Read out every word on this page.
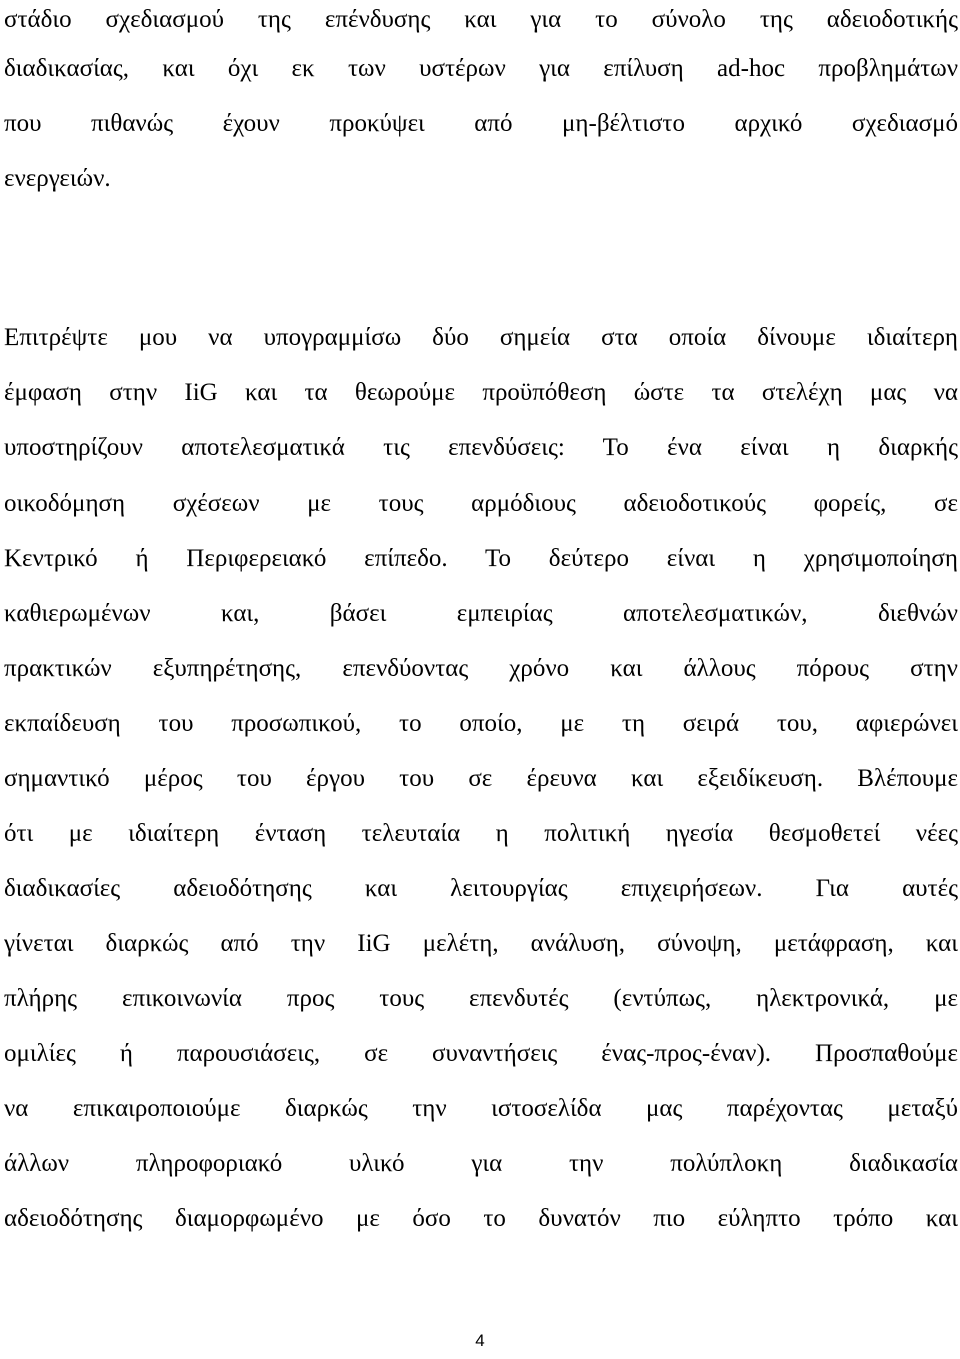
στάδιο σχεδιασμού της επένδυσης και για το σύνολο της αδειοδοτικής
διαδικασίας, και όχι εκ των υστέρων για επίλυση ad-hoc προβλημάτων
που πιθανώς έχουν προκύψει από μη-βέλτιστο αρχικό σχεδιασμό
ενεργειών.
Επιτρέψτε μου να υπογραμμίσω δύο σημεία στα οποία δίνουμε ιδιαίτερη
έμφαση στην IiG και τα θεωρούμε προϋπόθεση ώστε τα στελέχη μας να
υποστηρίζουν αποτελεσματικά τις επενδύσεις: Το ένα είναι η διαρκής
οικοδόμηση σχέσεων με τους αρμόδιους αδειοδοτικούς φορείς, σε
Κεντρικό ή Περιφερειακό επίπεδο. Το δεύτερο είναι η χρησιμοποίηση
καθιερωμένων και, βάσει εμπειρίας αποτελεσματικών, διεθνών
πρακτικών εξυπηρέτησης, επενδύοντας χρόνο και άλλους πόρους στην
εκπαίδευση του προσωπικού, το οποίο, με τη σειρά του, αφιερώνει
σημαντικό μέρος του έργου του σε έρευνα και εξειδίκευση. Βλέπουμε
ότι με ιδιαίτερη ένταση τελευταία η πολιτική ηγεσία θεσμοθετεί νέες
διαδικασίες αδειοδότησης και λειτουργίας επιχειρήσεων. Για αυτές
γίνεται διαρκώς από την IiG μελέτη, ανάλυση, σύνοψη, μετάφραση, και
πλήρης επικοινωνία προς τους επενδυτές (εντύπως, ηλεκτρονικά, με
ομιλίες ή παρουσιάσεις, σε συναντήσεις ένας-προς-έναν). Προσπαθούμε
να επικαιροποιούμε διαρκώς την ιστοσελίδα μας παρέχοντας μεταξύ
άλλων πληροφοριακό υλικό για την πολύπλοκη διαδικασία
αδειοδότησης διαμορφωμένο με όσο το δυνατόν πιο εύληπτο τρόπο και
4
